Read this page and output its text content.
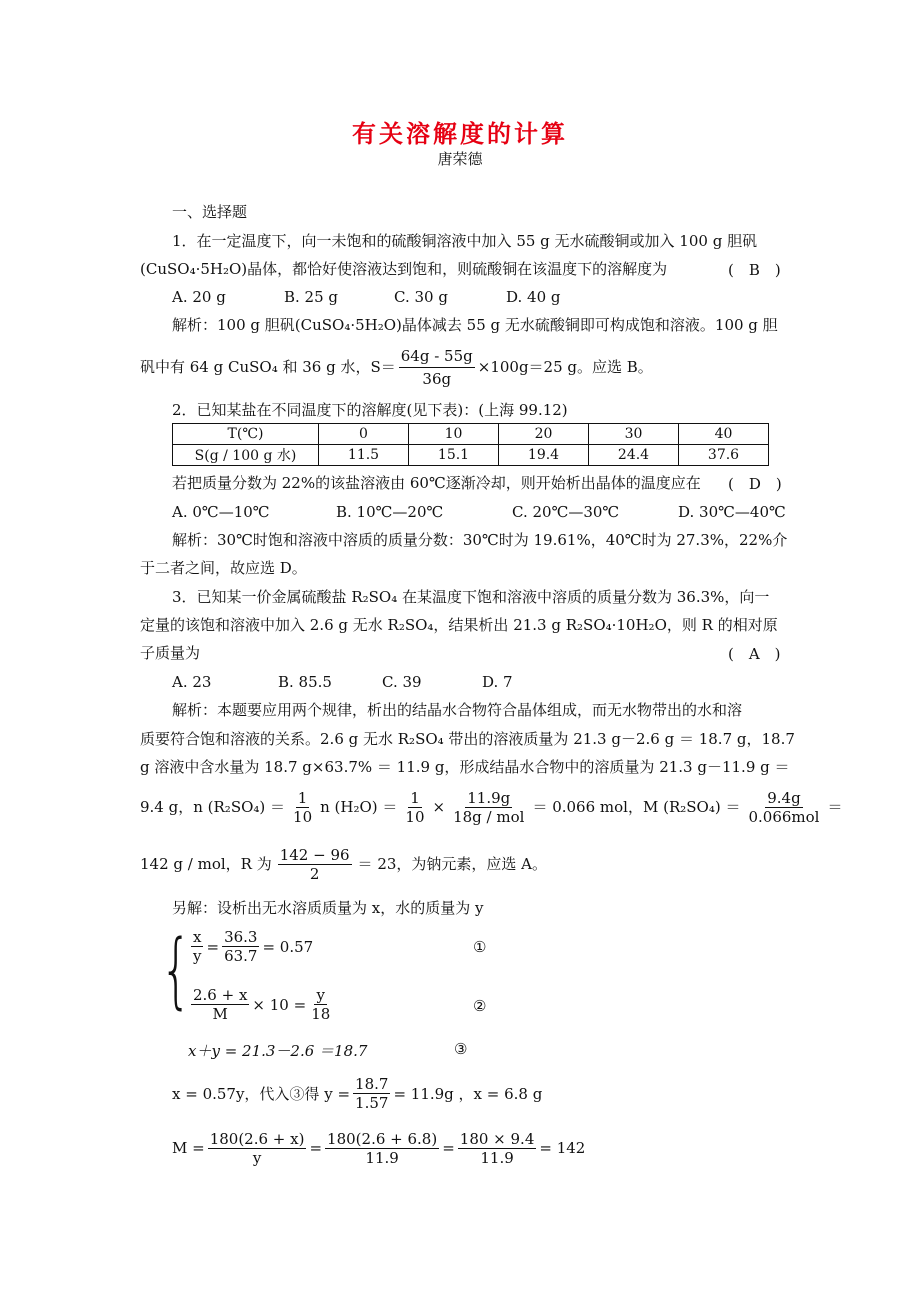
有关溶解度的计算
唐荣德
一、选择题
1．在一定温度下，向一未饱和的硫酸铜溶液中加入 55 g 无水硫酸铜或加入 100 g 胆矾
(CuSO₄·5H₂O)晶体，都恰好使溶液达到饱和，则硫酸铜在该温度下的溶解度为	(　B　)
A. 20 g	B. 25 g	C. 30 g	D. 40 g
解析：100 g 胆矾(CuSO₄·5H₂O)晶体减去 55 g 无水硫酸铜即可构成饱和溶液。100 g 胆
矾中有 64 g CuSO₄ 和 36 g 水，$S= \frac{64g - 55g}{36g} \times 100g=25$ g。应选 B。
2．已知某盐在不同温度下的溶解度(见下表)：(上海 99.12)
T(℃)	0	10	20	30	40
S(g / 100 g 水)	11.5	15.1	19.4	24.4	37.6
若把质量分数为 22%的该盐溶液由 60℃逐渐冷却，则开始析出晶体的温度应在 (　D　)
A. 0℃—10℃	B. 10℃—20℃	C. 20℃—30℃	D. 30℃—40℃
解析：30℃时饱和溶液中溶质的质量分数：30℃时为 19.61%，40℃时为 27.3%，22%介
于二者之间，故应选 D。
3．已知某一价金属硫酸盐 R₂SO₄ 在某温度下饱和溶液中溶质的质量分数为 36.3%，向一
定量的该饱和溶液中加入 2.6 g 无水 R₂SO₄，结果析出 21.3 g R₂SO₄·10H₂O，则 R 的相对原
子质量为	(　A　)
A. 23	B. 85.5	C. 39	D. 7
解析：本题要应用两个规律，析出的结晶水合物符合晶体组成，而无水物带出的水和溶
质要符合饱和溶液的关系。2.6 g 无水 R₂SO₄ 带出的溶液质量为 21.3 g－2.6 g ＝ 18.7 g，18.7
g 溶液中含水量为 18.7 g×63.7% ＝ 11.9 g，形成结晶水合物中的溶质量为 21.3 g－11.9 g ＝
9.4 g，n $(R_2SO_4) = \frac{1}{10}$ n $(H_2O) = \frac{1}{10} \times \frac{11.9g}{\text{18g / mol}} = 0.066$ mol，M $(R_2SO_4) = \frac{9.4g}{\text{0.066mol}}$ ＝
142 g / mol，R 为 $\frac{142 - 96}{2} = 23$，为钠元素，应选 A。
另解：设析出无水溶质质量为 x，水的质量为 y
{ $\frac{x}{y} = \frac{36.3}{63.7} = 0.57$	①
$\frac{2.6 + x}{M} \times 10 = \frac{y}{18}$	②
x＋y = 21.3－2.6 ＝18.7	③
x = 0.57y，代入③得 $y = \frac{18.7}{1.57} = 11.9g$ ，x = 6.8 g
$M = \frac{180(2.6 + x)}{y} = \frac{180(2.6 + 6.8)}{11.9} = \frac{180 \times 9.4}{11.9} = 142$
